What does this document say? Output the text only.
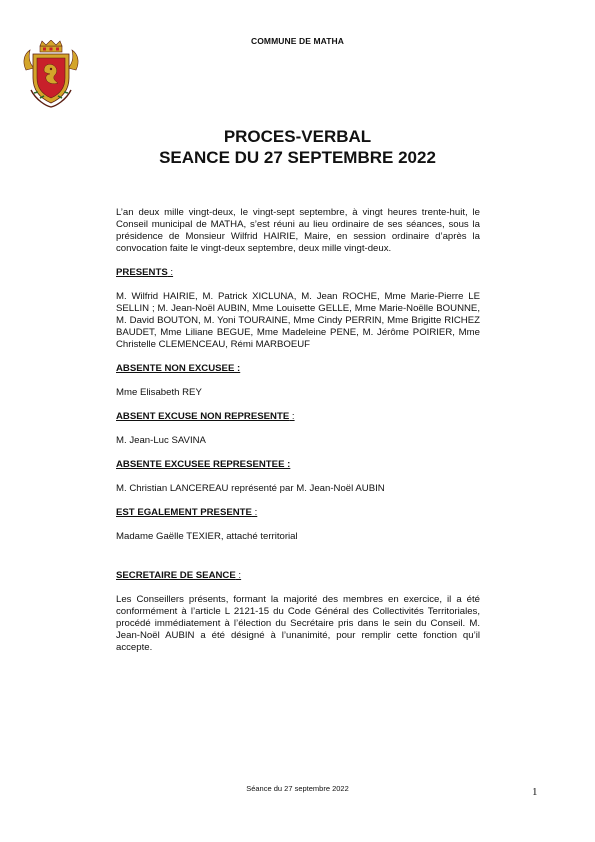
COMMUNE DE MATHA
PROCES-VERBAL
SEANCE DU 27 SEPTEMBRE 2022

L’an deux mille vingt-deux, le vingt-sept septembre, à vingt heures trente-huit, le Conseil municipal de MATHA, s’est réuni au lieu ordinaire de ses séances, sous la présidence de Monsieur Wilfrid HAIRIE, Maire, en session ordinaire d’après la convocation faite le vingt-deux septembre, deux mille vingt-deux.

PRESENTS :

M. Wilfrid HAIRIE, M. Patrick XICLUNA, M. Jean ROCHE, Mme Marie-Pierre LE SELLIN ; M. Jean-Noël AUBIN, Mme Louisette GELLE, Mme Marie-Noëlle BOUNNE, M. David BOUTON, M. Yoni TOURAINE, Mme Cindy PERRIN, Mme Brigitte RICHEZ BAUDET, Mme Liliane BEGUE, Mme Madeleine PENE, M. Jérôme POIRIER, Mme Christelle CLEMENCEAU, Rémi MARBOEUF

ABSENTE NON EXCUSEE :

Mme Elisabeth REY

ABSENT EXCUSE NON REPRESENTE :

M. Jean-Luc SAVINA

ABSENTE EXCUSEE REPRESENTEE :

M. Christian LANCEREAU représenté par M. Jean-Noël AUBIN

EST EGALEMENT PRESENTE :

Madame Gaëlle TEXIER, attaché territorial

SECRETAIRE DE SEANCE :

Les Conseillers présents, formant la majorité des membres en exercice, il a été conformément à l’article L 2121-15 du Code Général des Collectivités Territoriales, procédé immédiatement à l’élection du Secrétaire pris dans le sein du Conseil. M. Jean-Noël AUBIN a été désigné à l’unanimité, pour remplir cette fonction qu’il accepte.

Séance du 27 septembre 2022	1
